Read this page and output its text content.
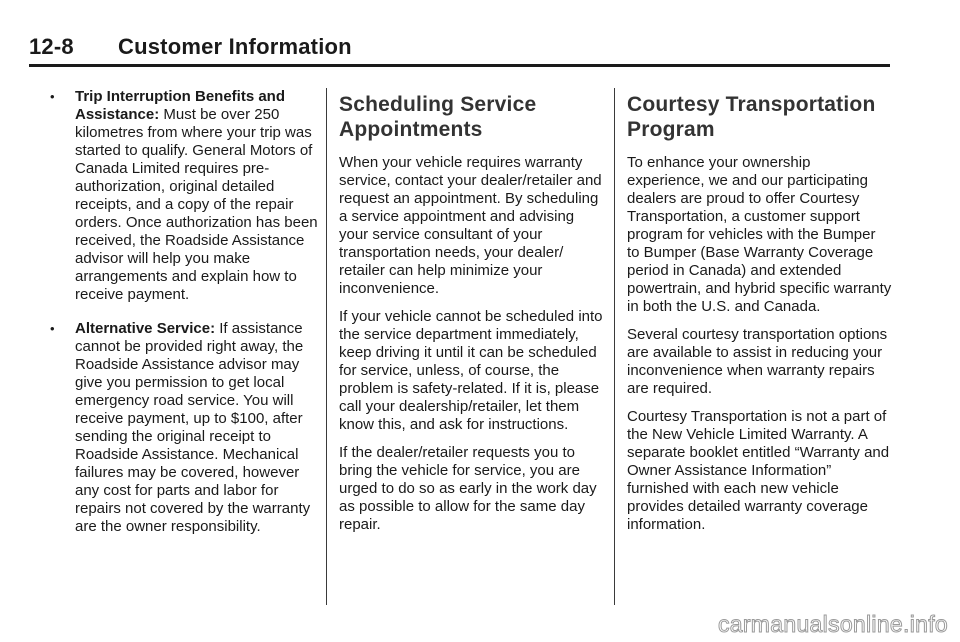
12-8 Customer Information
• Trip Interruption Benefits and Assistance: Must be over 250 kilometres from where your trip was started to qualify. General Motors of Canada Limited requires pre-authorization, original detailed receipts, and a copy of the repair orders. Once authorization has been received, the Roadside Assistance advisor will help you make arrangements and explain how to receive payment.
• Alternative Service: If assistance cannot be provided right away, the Roadside Assistance advisor may give you permission to get local emergency road service. You will receive payment, up to $100, after sending the original receipt to Roadside Assistance. Mechanical failures may be covered, however any cost for parts and labor for repairs not covered by the warranty are the owner responsibility.
Scheduling Service Appointments

When your vehicle requires warranty service, contact your dealer/retailer and request an appointment. By scheduling a service appointment and advising your service consultant of your transportation needs, your dealer/ retailer can help minimize your inconvenience.

If your vehicle cannot be scheduled into the service department immediately, keep driving it until it can be scheduled for service, unless, of course, the problem is safety-related. If it is, please call your dealership/retailer, let them know this, and ask for instructions.

If the dealer/retailer requests you to bring the vehicle for service, you are urged to do so as early in the work day as possible to allow for the same day repair.

Courtesy Transportation Program

To enhance your ownership experience, we and our participating dealers are proud to offer Courtesy Transportation, a customer support program for vehicles with the Bumper to Bumper (Base Warranty Coverage period in Canada) and extended powertrain, and hybrid specific warranty in both the U.S. and Canada.

Several courtesy transportation options are available to assist in reducing your inconvenience when warranty repairs are required.

Courtesy Transportation is not a part of the New Vehicle Limited Warranty. A separate booklet entitled “Warranty and Owner Assistance Information” furnished with each new vehicle provides detailed warranty coverage information.

carmanualsonline.info
